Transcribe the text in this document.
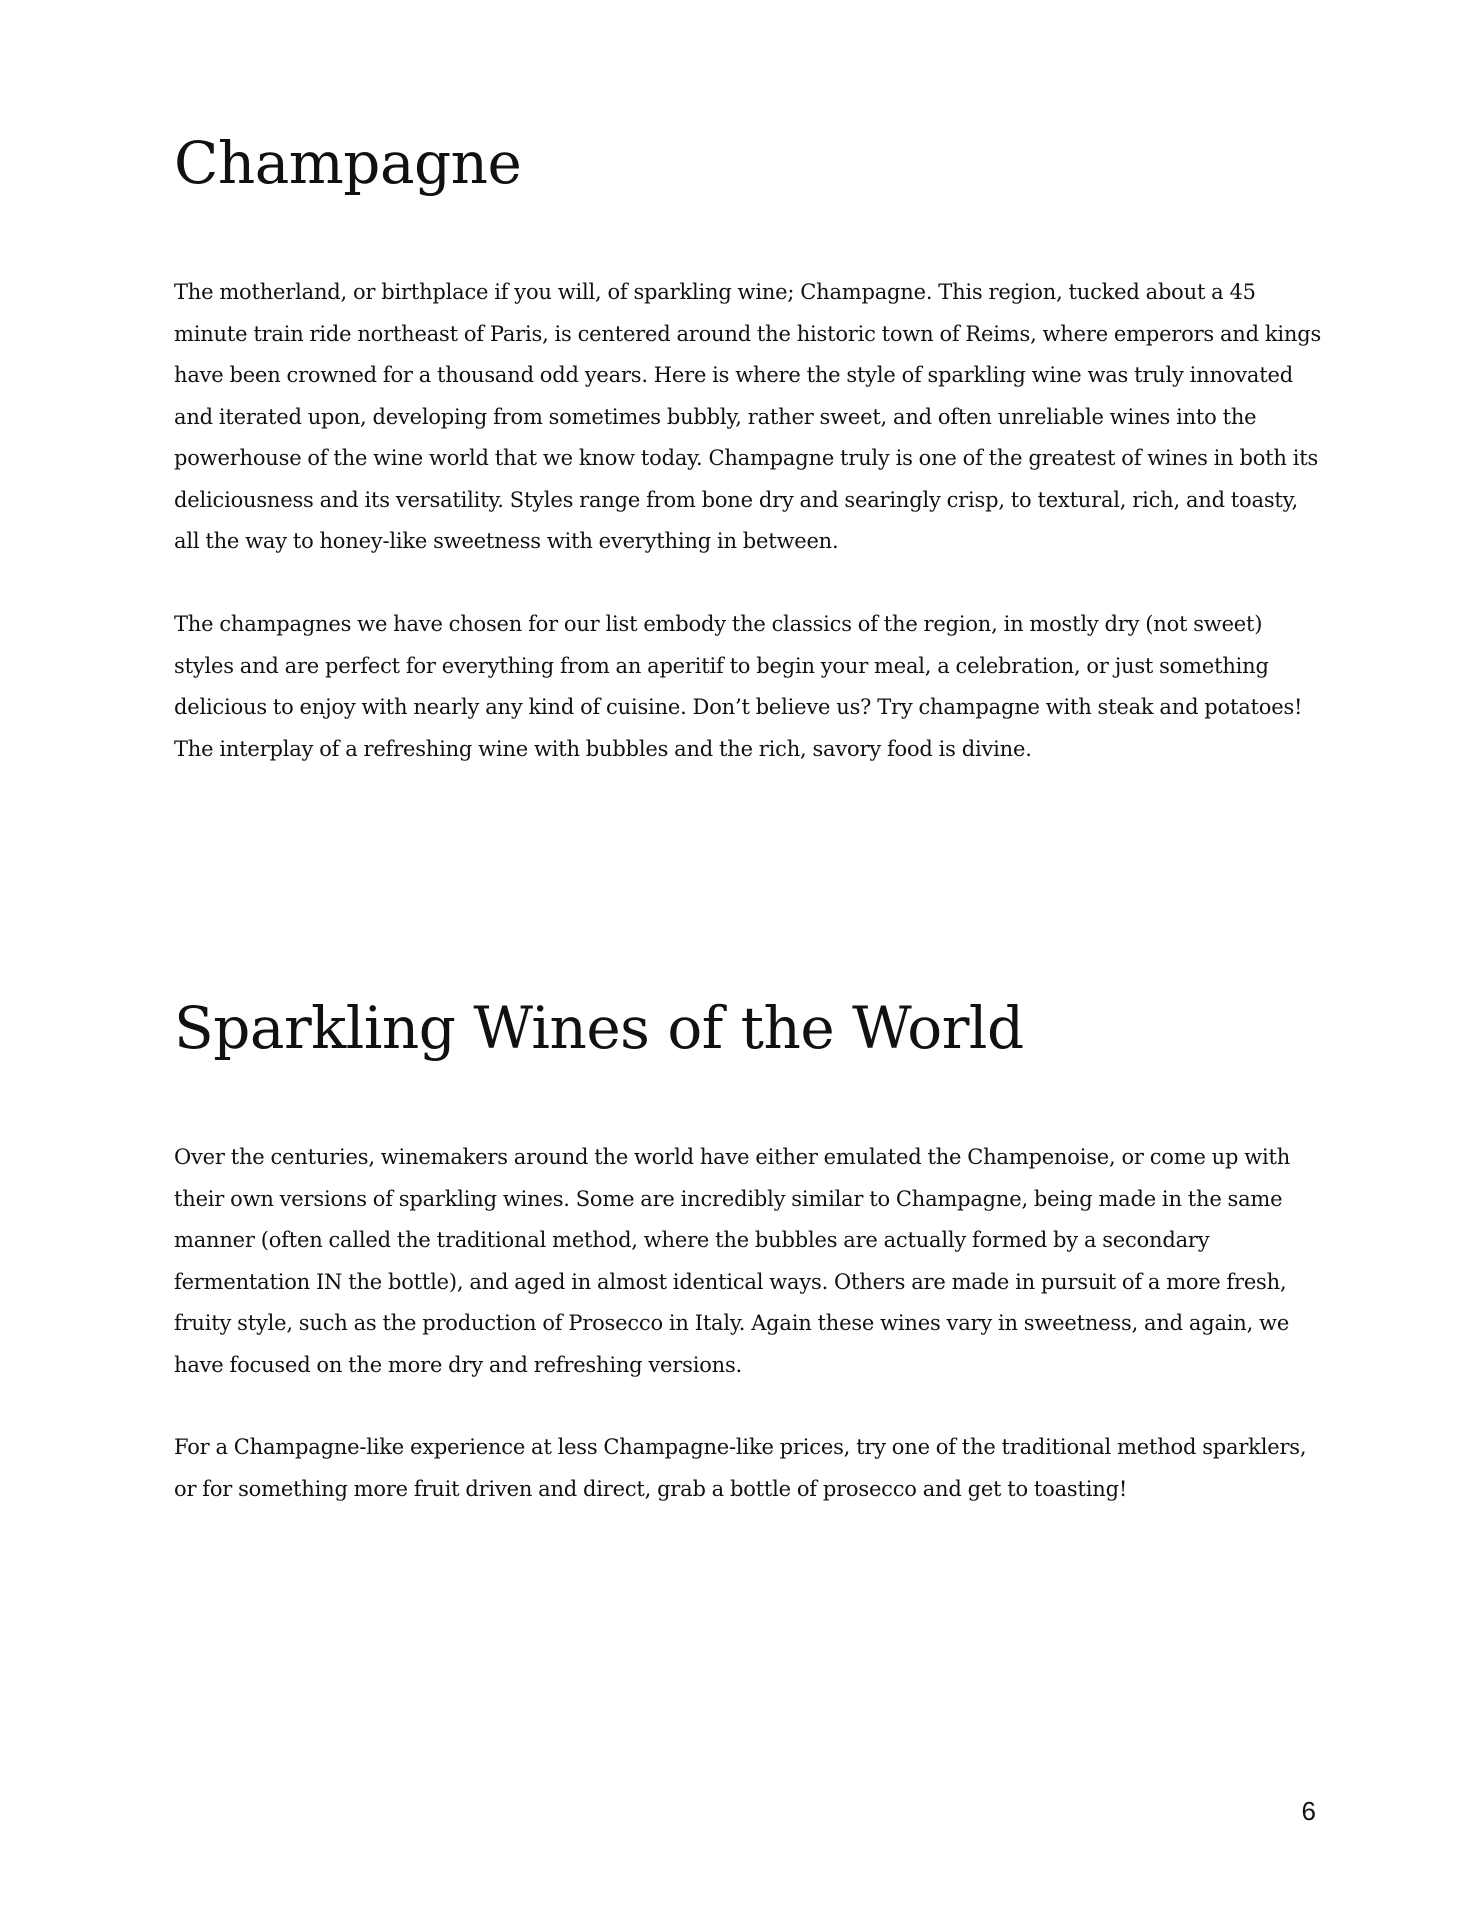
Champagne

The motherland, or birthplace if you will, of sparkling wine; Champagne. This region, tucked about a 45 minute train ride northeast of Paris, is centered around the historic town of Reims, where emperors and kings have been crowned for a thousand odd years. Here is where the style of sparkling wine was truly innovated and iterated upon, developing from sometimes bubbly, rather sweet, and often unreliable wines into the powerhouse of the wine world that we know today. Champagne truly is one of the greatest of wines in both its deliciousness and its versatility. Styles range from bone dry and searingly crisp, to textural, rich, and toasty, all the way to honey-like sweetness with everything in between.

The champagnes we have chosen for our list embody the classics of the region, in mostly dry (not sweet) styles and are perfect for everything from an aperitif to begin your meal, a celebration, or just something delicious to enjoy with nearly any kind of cuisine. Don’t believe us? Try champagne with steak and potatoes! The interplay of a refreshing wine with bubbles and the rich, savory food is divine.

Sparkling Wines of the World

Over the centuries, winemakers around the world have either emulated the Champenoise, or come up with their own versions of sparkling wines. Some are incredibly similar to Champagne, being made in the same manner (often called the traditional method, where the bubbles are actually formed by a secondary fermentation IN the bottle), and aged in almost identical ways. Others are made in pursuit of a more fresh, fruity style, such as the production of Prosecco in Italy. Again these wines vary in sweetness, and again, we have focused on the more dry and refreshing versions.

For a Champagne-like experience at less Champagne-like prices, try one of the traditional method sparklers, or for something more fruit driven and direct, grab a bottle of prosecco and get to toasting!

6
